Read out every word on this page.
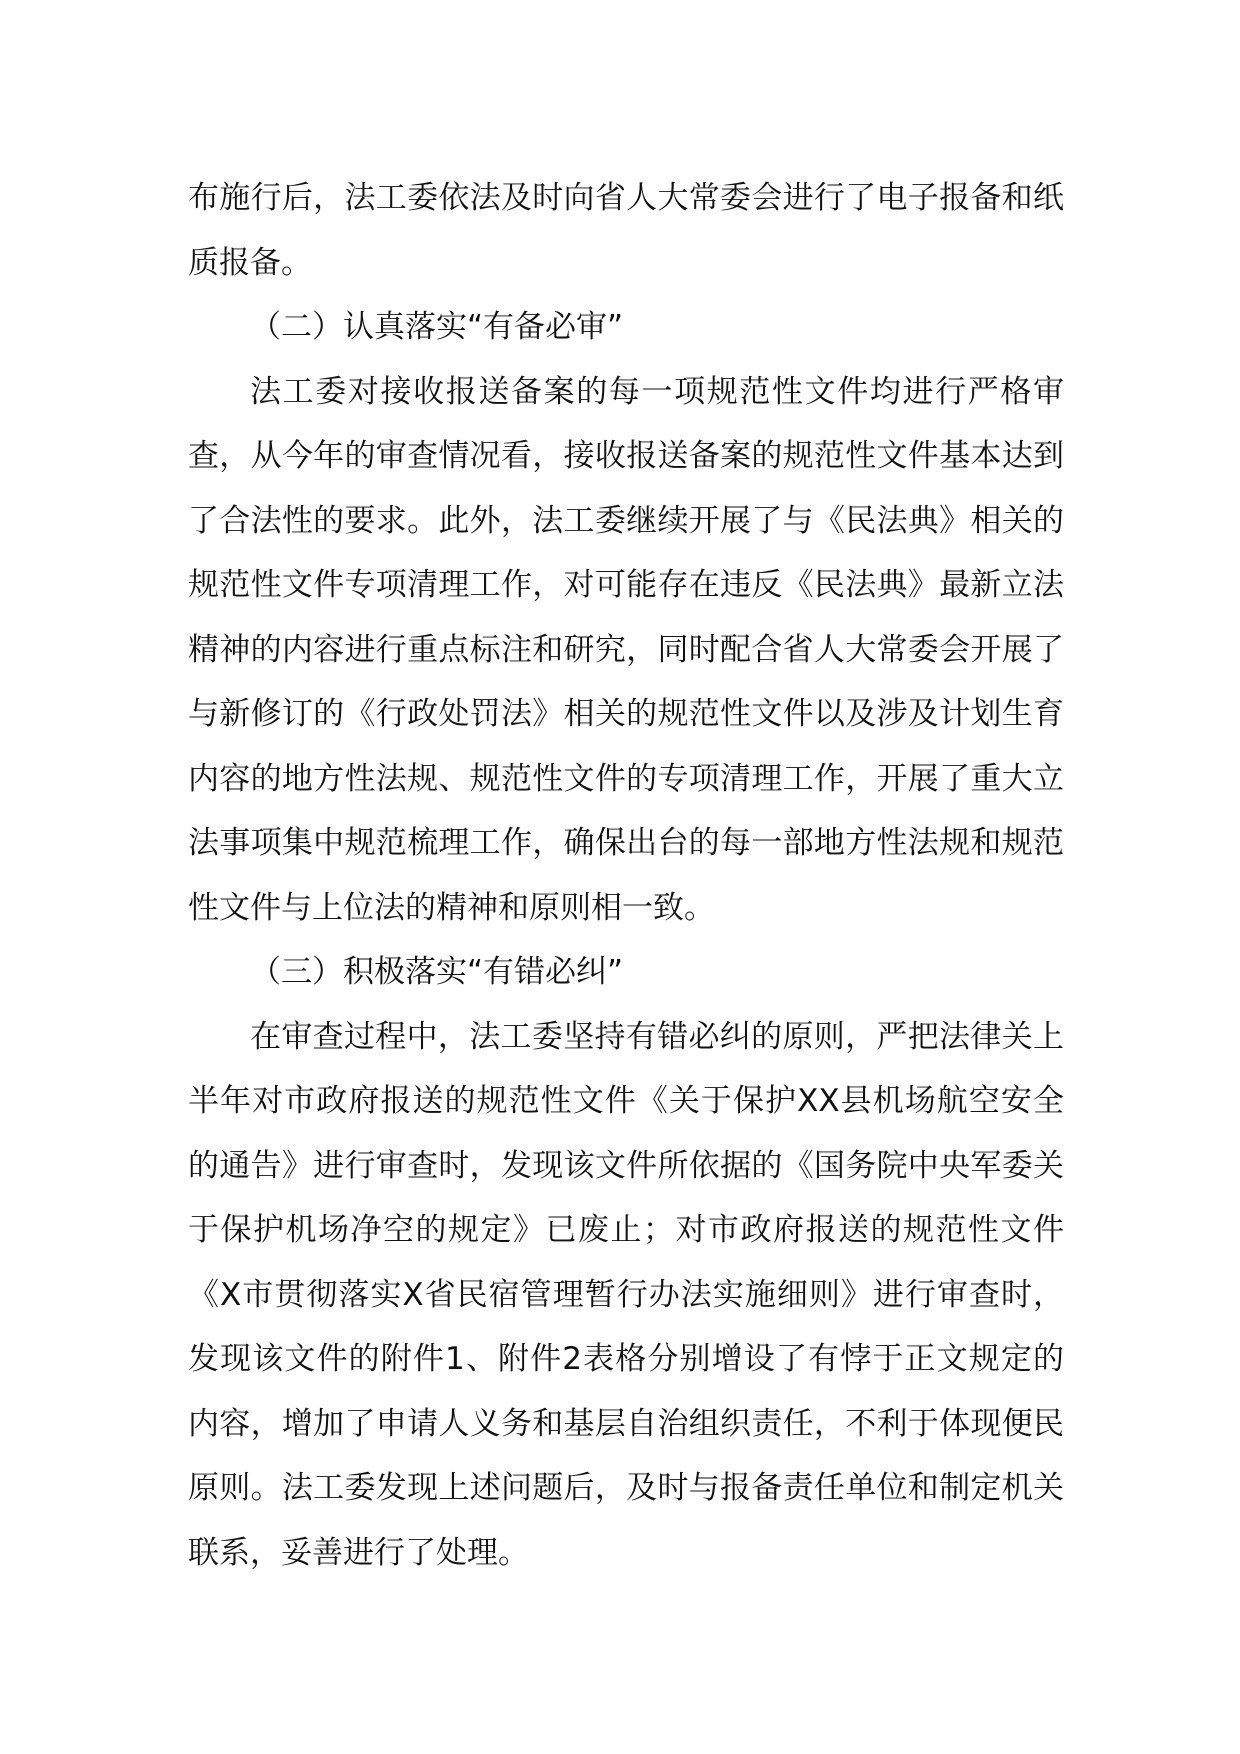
布施行后，法工委依法及时向省人大常委会进行了电子报备和纸质报备。

（二）认真落实“有备必审”

法工委对接收报送备案的每一项规范性文件均进行严格审查，从今年的审查情况看，接收报送备案的规范性文件基本达到了合法性的要求。此外，法工委继续开展了与《民法典》相关的规范性文件专项清理工作，对可能存在违反《民法典》最新立法精神的内容进行重点标注和研究，同时配合省人大常委会开展了与新修订的《行政处罚法》相关的规范性文件以及涉及计划生育内容的地方性法规、规范性文件的专项清理工作，开展了重大立法事项集中规范梳理工作，确保出台的每一部地方性法规和规范性文件与上位法的精神和原则相一致。

（三）积极落实“有错必纠”

在审查过程中，法工委坚持有错必纠的原则，严把法律关上半年对市政府报送的规范性文件《关于保护XX县机场航空安全的通告》进行审查时，发现该文件所依据的《国务院中央军委关于保护机场净空的规定》已废止；对市政府报送的规范性文件《X市贯彻落实X省民宿管理暂行办法实施细则》进行审查时，发现该文件的附件1、附件2表格分别增设了有悖于正文规定的内容，增加了申请人义务和基层自治组织责任，不利于体现便民原则。法工委发现上述问题后，及时与报备责任单位和制定机关联系，妥善进行了处理。
